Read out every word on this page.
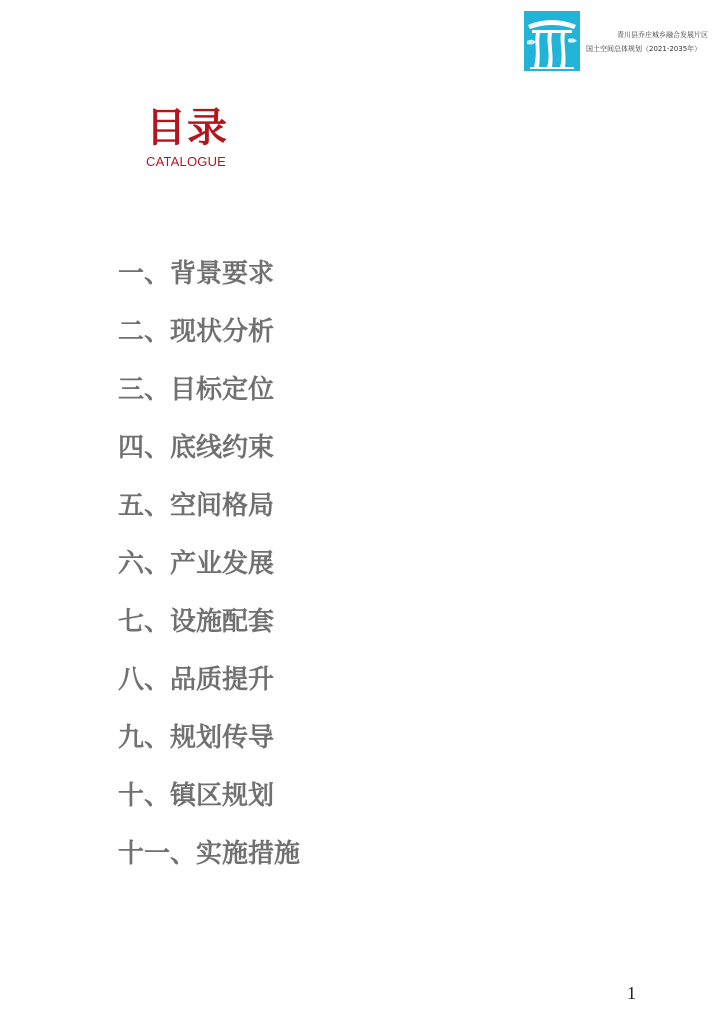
青川县乔庄城乡融合发展片区
国土空间总体规划（2021-2035年）
目录
CATALOGUE
一、背景要求
二、现状分析
三、目标定位
四、底线约束
五、空间格局
六、产业发展
七、设施配套
八、品质提升
九、规划传导
十、镇区规划
十一、实施措施
1
